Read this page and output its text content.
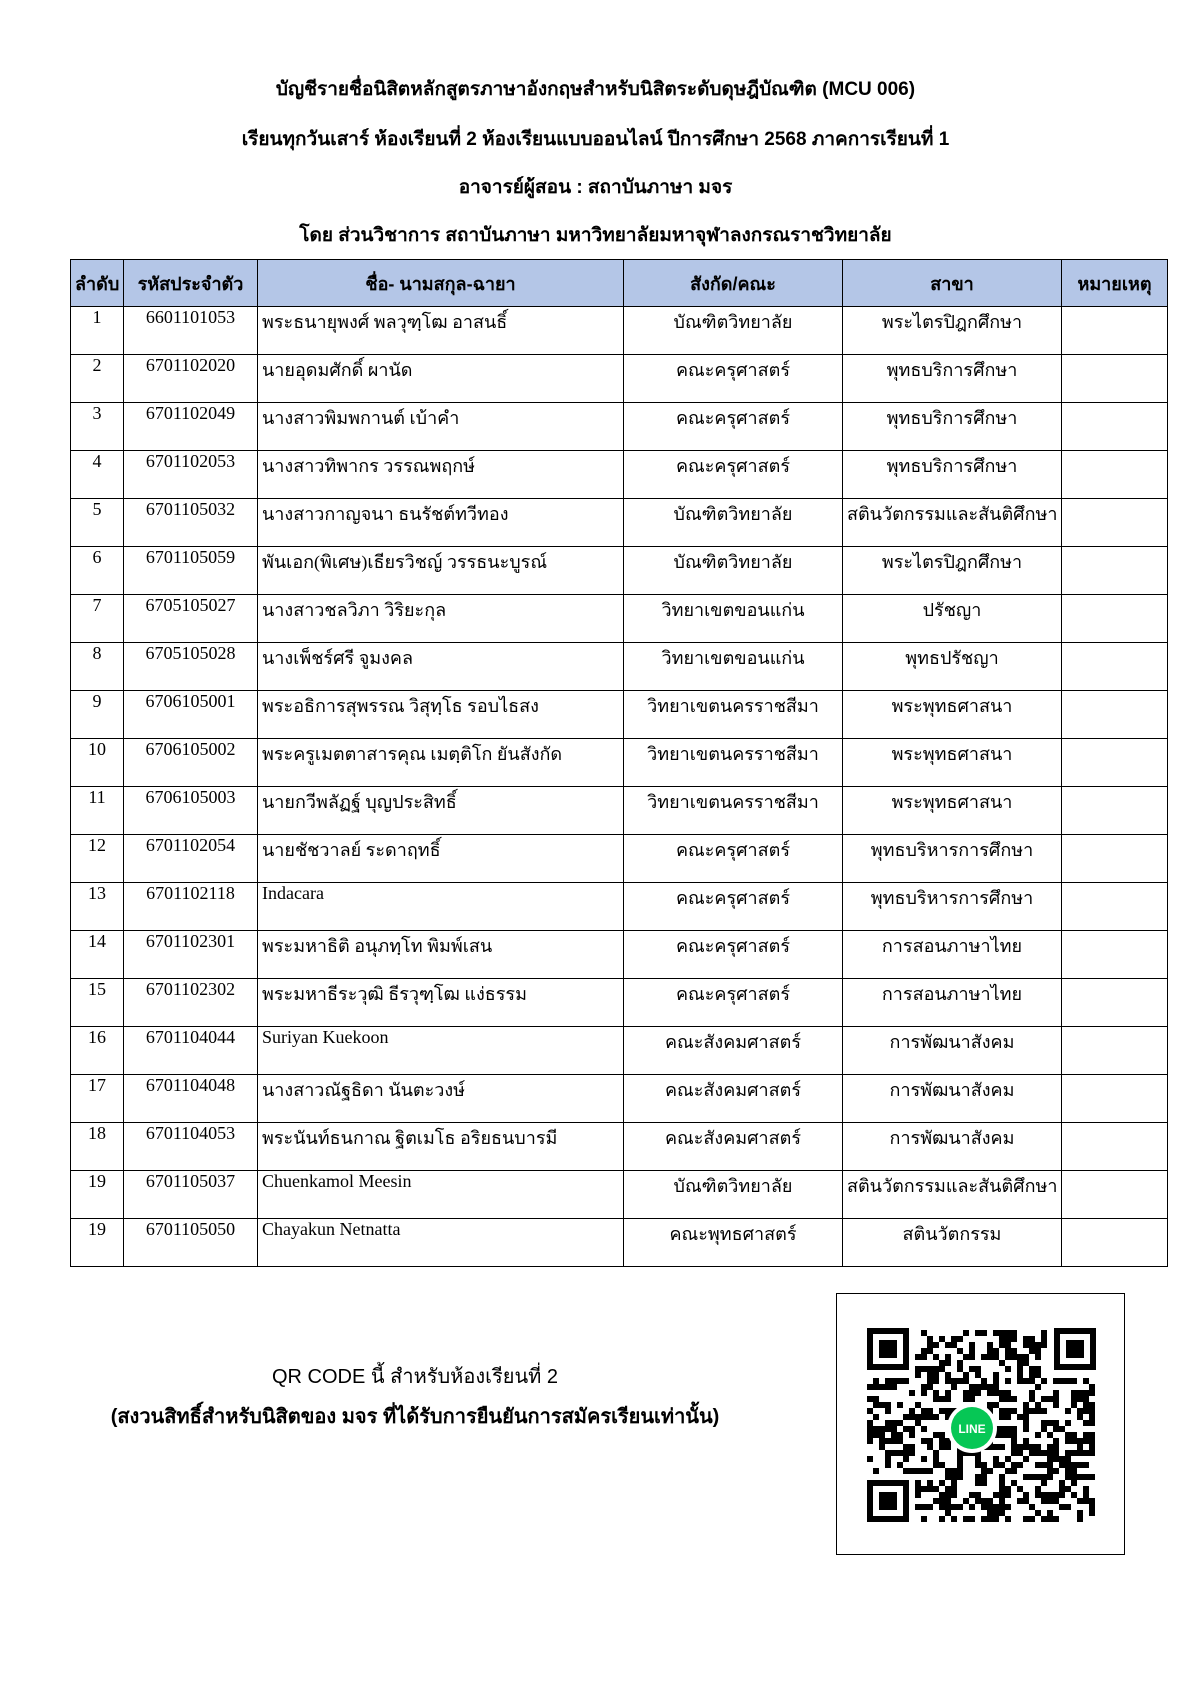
บัญชีรายชื่อนิสิตหลักสูตรภาษาอังกฤษสำหรับนิสิตระดับดุษฎีบัณฑิต (MCU 006)
เรียนทุกวันเสาร์ ห้องเรียนที่ 2 ห้องเรียนแบบออนไลน์ ปีการศึกษา 2568 ภาคการเรียนที่ 1
อาจารย์ผู้สอน : สถาบันภาษา มจร
โดย ส่วนวิชาการ สถาบันภาษา มหาวิทยาลัยมหาจุฬาลงกรณราชวิทยาลัย
ลำดับ	รหัสประจำตัว	ชื่อ- นามสกุล-ฉายา	สังกัด/คณะ	สาขา	หมายเหตุ
1	6601101053	พระธนายุพงศ์ พลวุฑฺโฒ อาสนธิ์	บัณฑิตวิทยาลัย	พระไตรปิฎกศึกษา	
2	6701102020	นายอุดมศักดิ์ ผานัด	คณะครุศาสตร์	พุทธบริการศึกษา	
3	6701102049	นางสาวพิมพกานต์ เบ้าคำ	คณะครุศาสตร์	พุทธบริการศึกษา	
4	6701102053	นางสาวทิพากร วรรณพฤกษ์	คณะครุศาสตร์	พุทธบริการศึกษา	
5	6701105032	นางสาวกาญจนา ธนรัชต์ทวีทอง	บัณฑิตวิทยาลัย	สตินวัตกรรมและสันติศึกษา	
6	6701105059	พันเอก(พิเศษ)เธียรวิชญ์ วรรธนะบูรณ์	บัณฑิตวิทยาลัย	พระไตรปิฎกศึกษา	
7	6705105027	นางสาวชลวิภา วิริยะกุล	วิทยาเขตขอนแก่น	ปรัชญา	
8	6705105028	นางเพ็ชร์ศรี จูมงคล	วิทยาเขตขอนแก่น	พุทธปรัชญา	
9	6706105001	พระอธิการสุพรรณ วิสุทฺโธ รอบไธสง	วิทยาเขตนครราชสีมา	พระพุทธศาสนา	
10	6706105002	พระครูเมตตาสารคุณ เมตฺติโก ยันสังกัด	วิทยาเขตนครราชสีมา	พระพุทธศาสนา	
11	6706105003	นายกวีพลัฏฐ์ บุญประสิทธิ์	วิทยาเขตนครราชสีมา	พระพุทธศาสนา	
12	6701102054	นายชัชวาลย์ ระดาฤทธิ์	คณะครุศาสตร์	พุทธบริหารการศึกษา	
13	6701102118	Indacara	คณะครุศาสตร์	พุทธบริหารการศึกษา	
14	6701102301	พระมหาธิติ อนุภทฺโท พิมพ์เสน	คณะครุศาสตร์	การสอนภาษาไทย	
15	6701102302	พระมหาธีระวุฒิ ธีรวุฑฺโฒ แง่ธรรม	คณะครุศาสตร์	การสอนภาษาไทย	
16	6701104044	Suriyan Kuekoon	คณะสังคมศาสตร์	การพัฒนาสังคม	
17	6701104048	นางสาวณัฐธิดา นันตะวงษ์	คณะสังคมศาสตร์	การพัฒนาสังคม	
18	6701104053	พระนันท์ธนกาณ ฐิตเมโธ อริยธนบารมี	คณะสังคมศาสตร์	การพัฒนาสังคม	
19	6701105037	Chuenkamol Meesin	บัณฑิตวิทยาลัย	สตินวัตกรรมและสันติศึกษา	
19	6701105050	Chayakun Netnatta	คณะพุทธศาสตร์	สตินวัตกรรม	
QR CODE นี้ สำหรับห้องเรียนที่ 2
(สงวนสิทธิ์สำหรับนิสิตของ มจร ที่ได้รับการยืนยันการสมัครเรียนเท่านั้น)
LINE
